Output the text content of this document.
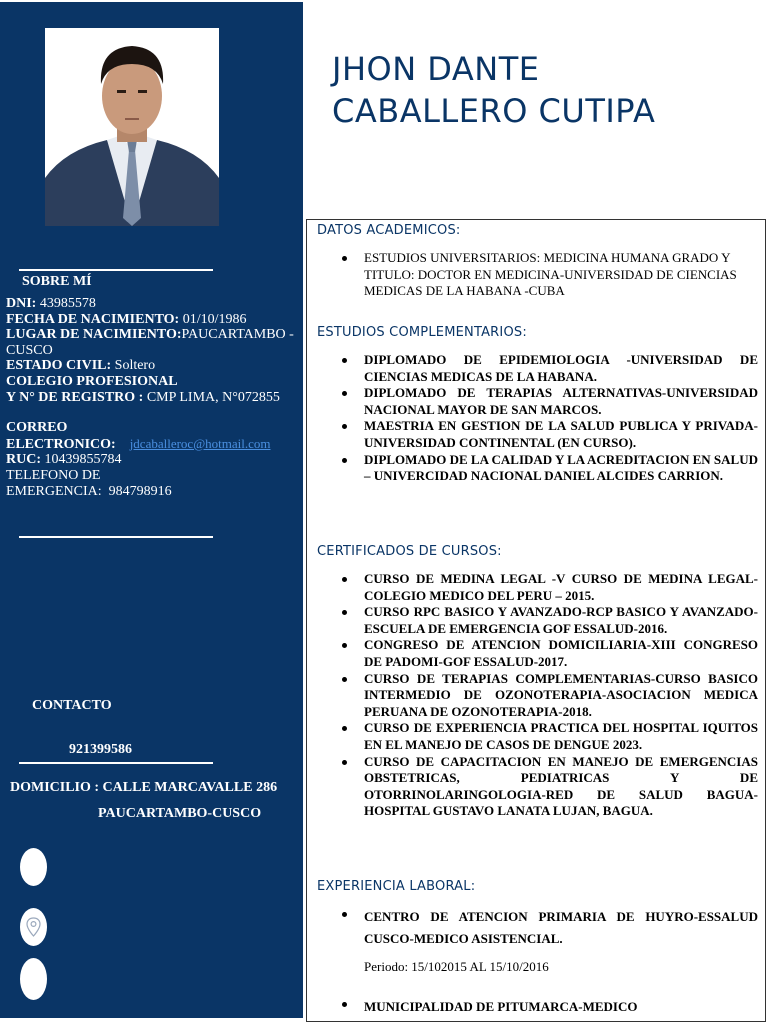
SOBRE MÍ
DNI: 43985578
FECHA DE NACIMIENTO: 01/10/1986
LUGAR DE NACIMIENTO:PAUCARTAMBO - CUSCO
ESTADO CIVIL: Soltero
COLEGIO PROFESIONAL
Y N° DE REGISTRO : CMP LIMA, N°072855
CORREO
ELECTRONICO: jdcaballeroc@hotmail.com
RUC: 10439855784
TELEFONO DE
EMERGENCIA: 984798916
CONTACTO
921399586
DOMICILIO : CALLE MARCAVALLE 286
PAUCARTAMBO-CUSCO
JHON DANTE
CABALLERO CUTIPA
DATOS ACADEMICOS:
ESTUDIOS UNIVERSITARIOS: MEDICINA HUMANA GRADO Y TITULO: DOCTOR EN MEDICINA-UNIVERSIDAD DE CIENCIAS MEDICAS DE LA HABANA -CUBA
ESTUDIOS COMPLEMENTARIOS:
DIPLOMADO DE EPIDEMIOLOGIA -UNIVERSIDAD DE CIENCIAS MEDICAS DE LA HABANA.
DIPLOMADO DE TERAPIAS ALTERNATIVAS-UNIVERSIDAD NACIONAL MAYOR DE SAN MARCOS.
MAESTRIA EN GESTION DE LA SALUD PUBLICA Y PRIVADA-UNIVERSIDAD CONTINENTAL (EN CURSO).
DIPLOMADO DE LA CALIDAD Y LA ACREDITACION EN SALUD – UNIVERCIDAD NACIONAL DANIEL ALCIDES CARRION.
CERTIFICADOS DE CURSOS:
CURSO DE MEDINA LEGAL -V CURSO DE MEDINA LEGAL-COLEGIO MEDICO DEL PERU – 2015.
CURSO RPC BASICO Y AVANZADO-RCP BASICO Y AVANZADO-ESCUELA DE EMERGENCIA GOF ESSALUD-2016.
CONGRESO DE ATENCION DOMICILIARIA-XIII CONGRESO DE PADOMI-GOF ESSALUD-2017.
CURSO DE TERAPIAS COMPLEMENTARIAS-CURSO BASICO INTERMEDIO DE OZONOTERAPIA-ASOCIACION MEDICA PERUANA DE OZONOTERAPIA-2018.
CURSO DE EXPERIENCIA PRACTICA DEL HOSPITAL IQUITOS EN EL MANEJO DE CASOS DE DENGUE 2023.
CURSO DE CAPACITACION EN MANEJO DE EMERGENCIAS OBSTETRICAS, PEDIATRICAS Y DE OTORRINOLARINGOLOGIA-RED DE SALUD BAGUA-HOSPITAL GUSTAVO LANATA LUJAN, BAGUA.
EXPERIENCIA LABORAL:
CENTRO DE ATENCION PRIMARIA DE HUYRO-ESSALUD CUSCO-MEDICO ASISTENCIAL.
Periodo: 15/102015 AL 15/10/2016
MUNICIPALIDAD DE PITUMARCA-MEDICO
